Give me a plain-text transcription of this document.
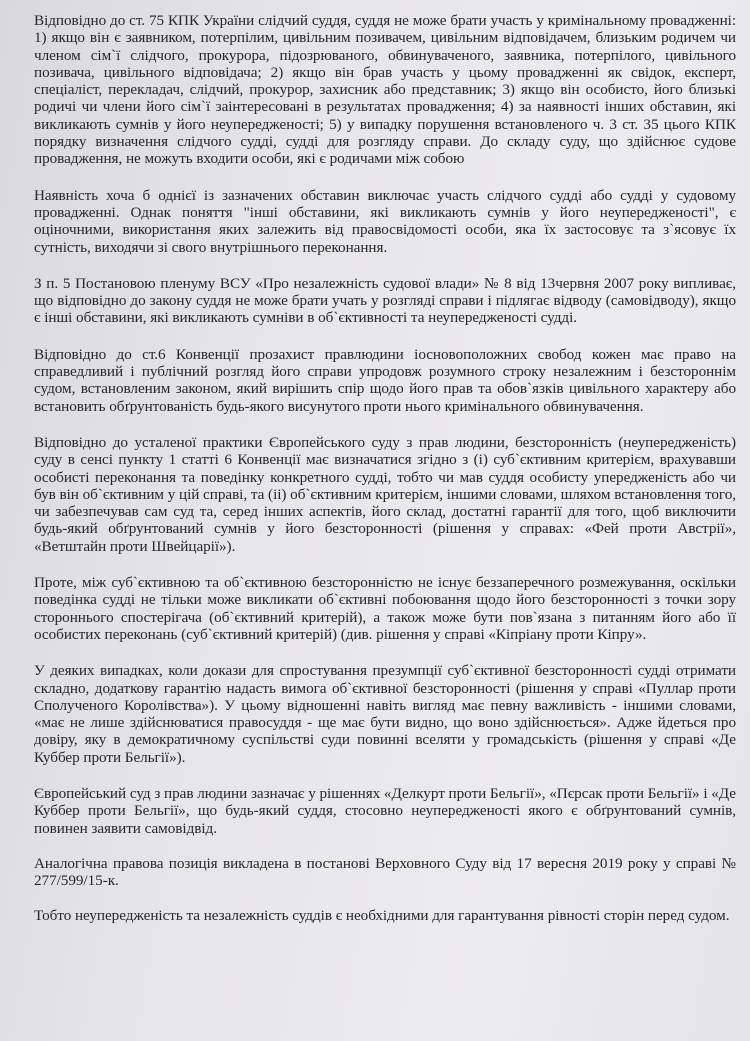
Відповідно до ст. 75 КПК України слідчий суддя, суддя не може брати участь у кримінальному провадженні: 1) якщо він є заявником, потерпілим, цивільним позивачем, цивільним відповідачем, близьким родичем чи членом сім`ї слідчого, прокурора, підозрюваного, обвинуваченого, заявника, потерпілого, цивільного позивача, цивільного відповідача; 2) якщо він брав участь у цьому провадженні як свідок, експерт, спеціаліст, перекладач, слідчий, прокурор, захисник або представник; 3) якщо він особисто, його близькі родичі чи члени його сім`ї заінтересовані в результатах провадження; 4) за наявності інших обставин, які викликають сумнів у його неупередженості; 5) у випадку порушення встановленого ч. 3 ст. 35 цього КПК порядку визначення слідчого судді, судді для розгляду справи. До складу суду, що здійснює судове провадження, не можуть входити особи, які є родичами між собою

Наявність хоча б однієї із зазначених обставин виключає участь слідчого судді або судді у судовому провадженні. Однак поняття "інші обставини, які викликають сумнів у його неупередженості", є оціночними, використання яких залежить від правосвідомості особи, яка їх застосовує та з`ясовує їх сутність, виходячи зі свого внутрішнього переконання.

З п. 5 Постановою пленуму ВСУ «Про незалежність судової влади» № 8 від 13червня 2007 року випливає, що відповідно до закону суддя не може брати учать у розгляді справи і підлягає відводу (самовідводу), якщо є інші обставини, які викликають сумніви в об`єктивності та неупередженості судді.

Відповідно до ст.6 Конвенції прозахист правлюдини іосновоположних свобод кожен має право на справедливий і публічний розгляд його справи упродовж розумного строку незалежним і безстороннім судом, встановленим законом, який вирішить спір щодо його прав та обов`язків цивільного характеру або встановить обґрунтованість будь-якого висунутого проти нього кримінального обвинувачення.

Відповідно до усталеної практики Європейського суду з прав людини, безсторонність (неупередженість) суду в сенсі пункту 1 статті 6 Конвенції має визначатися згідно з (і) суб`єктивним критерієм, врахувавши особисті переконання та поведінку конкретного судді, тобто чи мав суддя особисту упередженість або чи був він об`єктивним у цій справі, та (іі) об`єктивним критерієм, іншими словами, шляхом встановлення того, чи забезпечував сам суд та, серед інших аспектів, його склад, достатні гарантії для того, щоб виключити будь-який обґрунтований сумнів у його безсторонності (рішення у справах: «Фей проти Австрії», «Ветштайн проти Швейцарії»).

Проте, між суб`єктивною та об`єктивною безсторонністю не існує беззаперечного розмежування, оскільки поведінка судді не тільки може викликати об`єктивні побоювання щодо його безсторонності з точки зору стороннього спостерігача (об`єктивний критерій), а також може бути пов`язана з питанням його або її особистих переконань (суб`єктивний критерій) (див. рішення у справі «Кіпріану проти Кіпру».

У деяких випадках, коли докази для спростування презумпції суб`єктивної безсторонності судді отримати складно, додаткову гарантію надасть вимога об`єктивної безсторонності (рішення у справі «Пуллар проти Сполученого Королівства»). У цьому відношенні навіть вигляд має певну важливість - іншими словами, «має не лише здійснюватися правосуддя - ще має бути видно, що воно здійснюється». Адже йдеться про довіру, яку в демократичному суспільстві суди повинні вселяти у громадськість (рішення у справі «Де Куббер проти Бельгії»).

Європейський суд з прав людини зазначає у рішеннях «Делкурт проти Бельгії», «Пєрсак проти Бельгії» і «Де Куббер проти Бельгії», що будь-який суддя, стосовно неупередженості якого є обґрунтований сумнів, повинен заявити самовідвід.

Аналогічна правова позиція викладена в постанові Верховного Суду від 17 вересня 2019 року у справі № 277/599/15-к.

Тобто неупередженість та незалежність суддів є необхідними для гарантування рівності сторін перед судом.
